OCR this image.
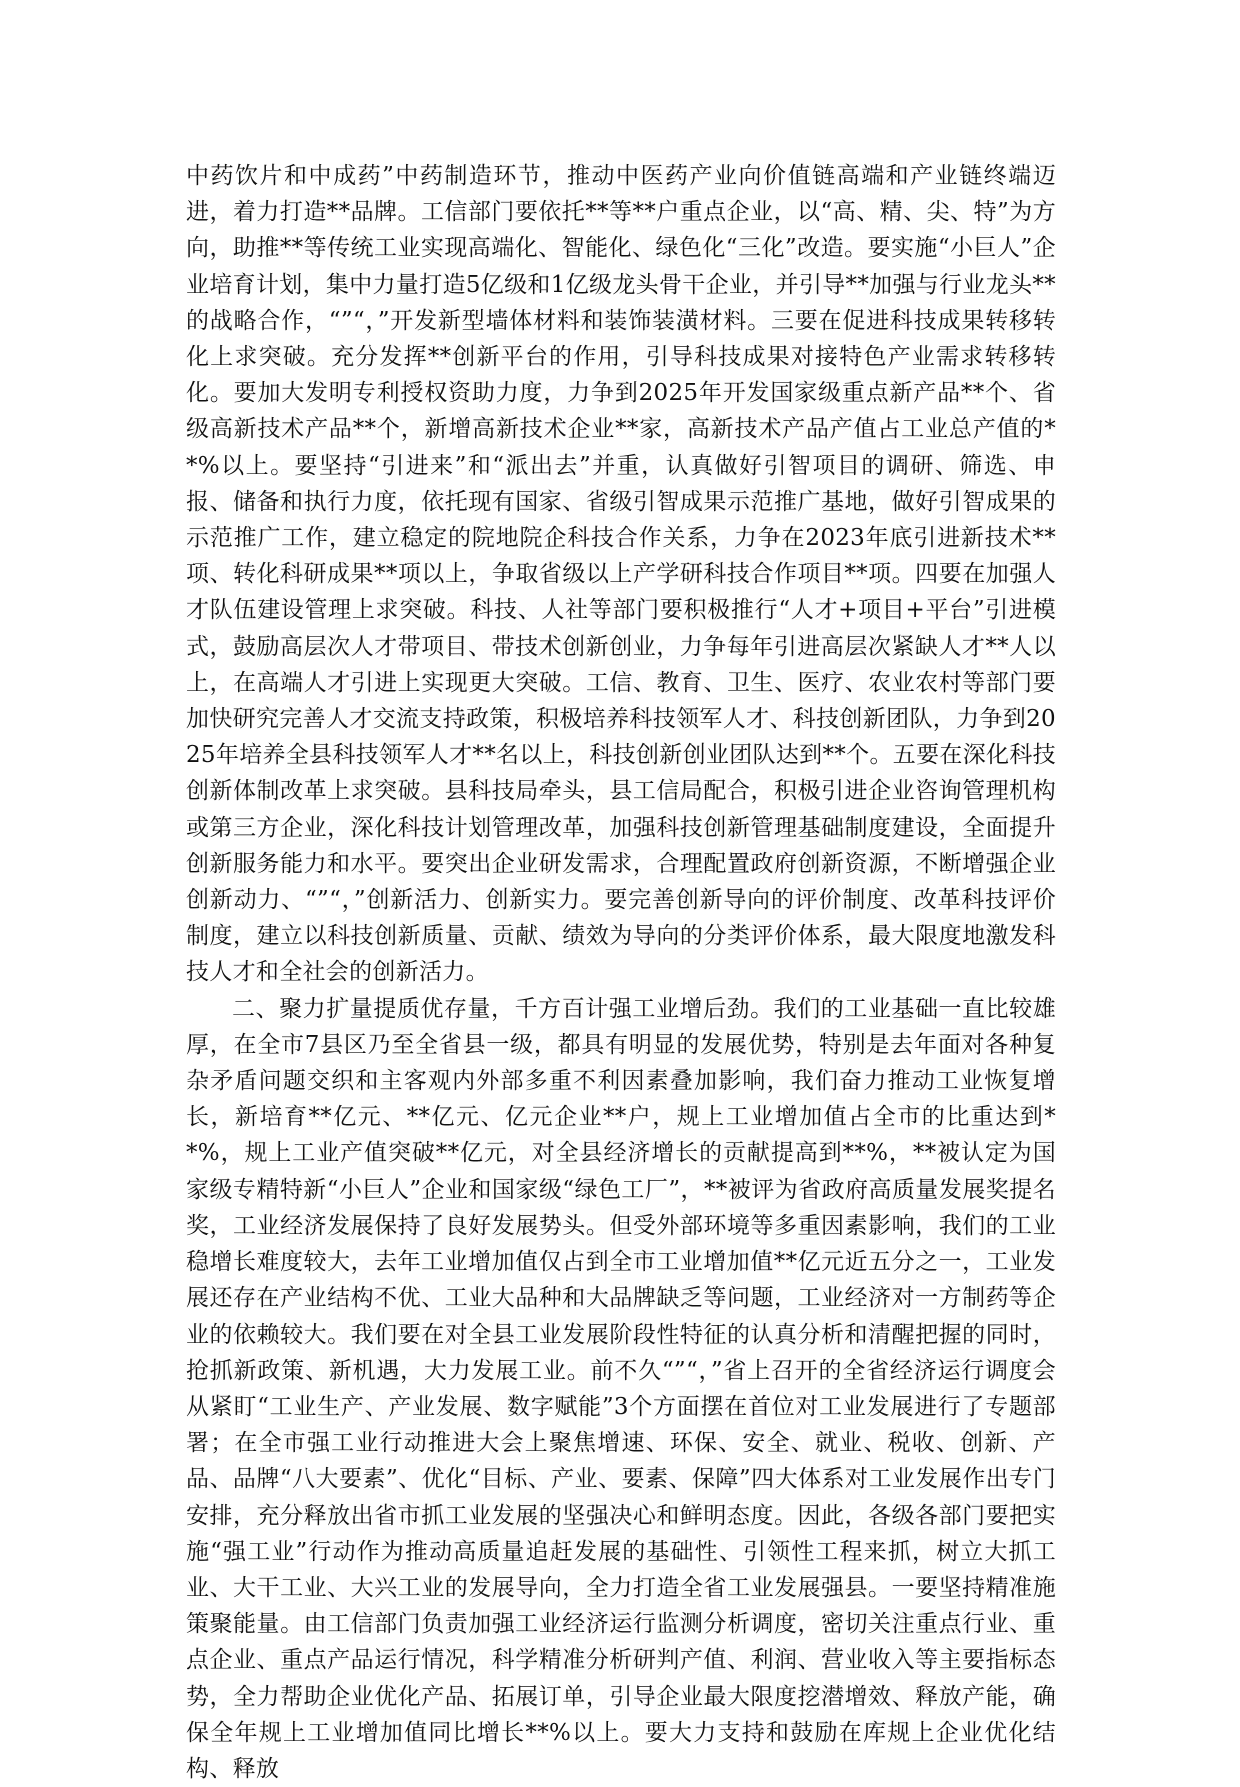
中药饮片和中成药”中药制造环节，推动中医药产业向价值链高端和产业链终端迈进，着力打造**品牌。工信部门要依托**等**户重点企业，以“高、精、尖、特”为方向，助推**等传统工业实现高端化、智能化、绿色化“三化”改造。要实施“小巨人”企业培育计划，集中力量打造5亿级和1亿级龙头骨干企业，并引导**加强与行业龙头**的战略合作，“”“，”开发新型墙体材料和装饰装潢材料。三要在促进科技成果转移转化上求突破。充分发挥**创新平台的作用，引导科技成果对接特色产业需求转移转化。要加大发明专利授权资助力度，力争到2025年开发国家级重点新产品**个、省级高新技术产品**个，新增高新技术企业**家，高新技术产品产值占工业总产值的**%以上。要坚持“引进来”和“派出去”并重，认真做好引智项目的调研、筛选、申报、储备和执行力度，依托现有国家、省级引智成果示范推广基地，做好引智成果的示范推广工作，建立稳定的院地院企科技合作关系，力争在2023年底引进新技术**项、转化科研成果**项以上，争取省级以上产学研科技合作项目**项。四要在加强人才队伍建设管理上求突破。科技、人社等部门要积极推行“人才+项目+平台”引进模式，鼓励高层次人才带项目、带技术创新创业，力争每年引进高层次紧缺人才**人以上，在高端人才引进上实现更大突破。工信、教育、卫生、医疗、农业农村等部门要加快研究完善人才交流支持政策，积极培养科技领军人才、科技创新团队，力争到2025年培养全县科技领军人才**名以上，科技创新创业团队达到**个。五要在深化科技创新体制改革上求突破。县科技局牵头，县工信局配合，积极引进企业咨询管理机构或第三方企业，深化科技计划管理改革，加强科技创新管理基础制度建设，全面提升创新服务能力和水平。要突出企业研发需求，合理配置政府创新资源，不断增强企业创新动力、“”“，”创新活力、创新实力。要完善创新导向的评价制度、改革科技评价制度，建立以科技创新质量、贡献、绩效为导向的分类评价体系，最大限度地激发科技人才和全社会的创新活力。

二、聚力扩量提质优存量，千方百计强工业增后劲。我们的工业基础一直比较雄厚，在全市7县区乃至全省县一级，都具有明显的发展优势，特别是去年面对各种复杂矛盾问题交织和主客观内外部多重不利因素叠加影响，我们奋力推动工业恢复增长，新培育**亿元、**亿元、亿元企业**户，规上工业增加值占全市的比重达到**%，规上工业产值突破**亿元，对全县经济增长的贡献提高到**%，**被认定为国家级专精特新“小巨人”企业和国家级“绿色工厂”，**被评为省政府高质量发展奖提名奖，工业经济发展保持了良好发展势头。但受外部环境等多重因素影响，我们的工业稳增长难度较大，去年工业增加值仅占到全市工业增加值**亿元近五分之一，工业发展还存在产业结构不优、工业大品种和大品牌缺乏等问题，工业经济对一方制药等企业的依赖较大。我们要在对全县工业发展阶段性特征的认真分析和清醒把握的同时，抢抓新政策、新机遇，大力发展工业。前不久“”“，”省上召开的全省经济运行调度会从紧盯“工业生产、产业发展、数字赋能”3个方面摆在首位对工业发展进行了专题部署；在全市强工业行动推进大会上聚焦增速、环保、安全、就业、税收、创新、产品、品牌“八大要素”、优化“目标、产业、要素、保障”四大体系对工业发展作出专门安排，充分释放出省市抓工业发展的坚强决心和鲜明态度。因此，各级各部门要把实施“强工业”行动作为推动高质量追赶发展的基础性、引领性工程来抓，树立大抓工业、大干工业、大兴工业的发展导向，全力打造全省工业发展强县。一要坚持精准施策聚能量。由工信部门负责加强工业经济运行监测分析调度，密切关注重点行业、重点企业、重点产品运行情况，科学精准分析研判产值、利润、营业收入等主要指标态势，全力帮助企业优化产品、拓展订单，引导企业最大限度挖潜增效、释放产能，确保全年规上工业增加值同比增长**%以上。要大力支持和鼓励在库规上企业优化结构、释放
